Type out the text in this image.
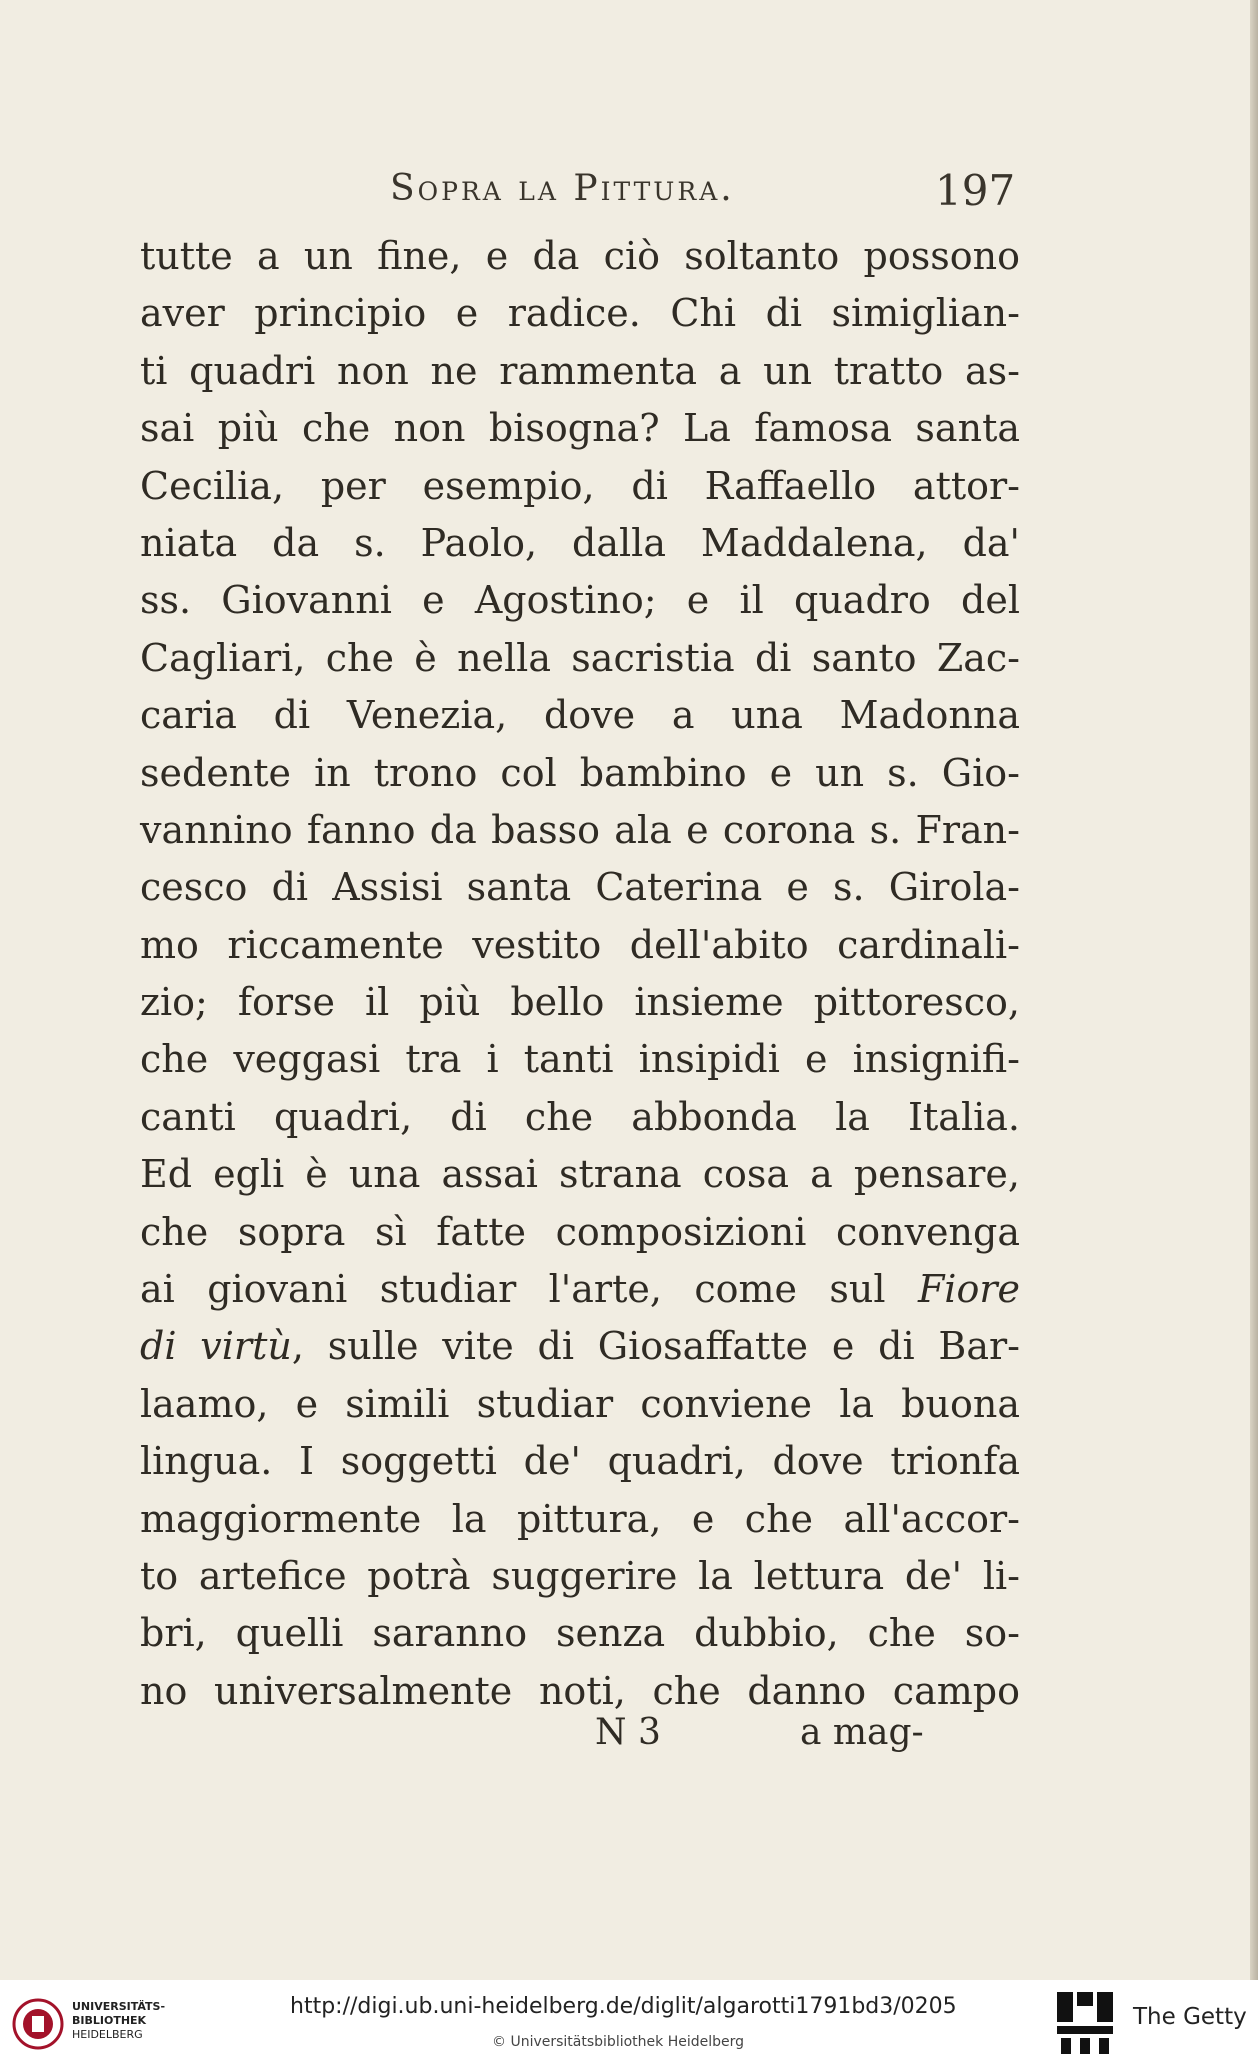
Sopra la Pittura.	197
tutte a un fine, e da ciò soltanto possono
aver principio e radice. Chi di simiglian-
ti quadri non ne rammenta a un tratto as-
sai più che non bisogna? La famosa santa
Cecilia, per esempio, di Raffaello attor-
niata da s. Paolo, dalla Maddalena, da'
ss. Giovanni e Agostino; e il quadro del
Cagliari, che è nella sacristia di santo Zac-
caria di Venezia, dove a una Madonna
sedente in trono col bambino e un s. Gio-
vannino fanno da basso ala e corona s. Fran-
cesco di Assisi santa Caterina e s. Girola-
mo riccamente vestito dell'abito cardinali-
zio; forse il più bello insieme pittoresco,
che veggasi tra i tanti insipidi e insignifi-
canti quadri, di che abbonda la Italia.
Ed egli è una assai strana cosa a pensare,
che sopra sì fatte composizioni convenga
ai giovani studiar l'arte, come sul Fiore
di virtù, sulle vite di Giosaffatte e di Bar-
laamo, e simili studiar conviene la buona
lingua. I soggetti de' quadri, dove trionfa
maggiormente la pittura, e che all'accor-
to artefice potrà suggerire la lettura de' li-
bri, quelli saranno senza dubbio, che so-
no universalmente noti, che danno campo
N 3	a mag-
UNIVERSITÄTS-
BIBLIOTHEK
HEIDELBERG
http://digi.ub.uni-heidelberg.de/diglit/algarotti1791bd3/0205
© Universitätsbibliothek Heidelberg
The Getty
